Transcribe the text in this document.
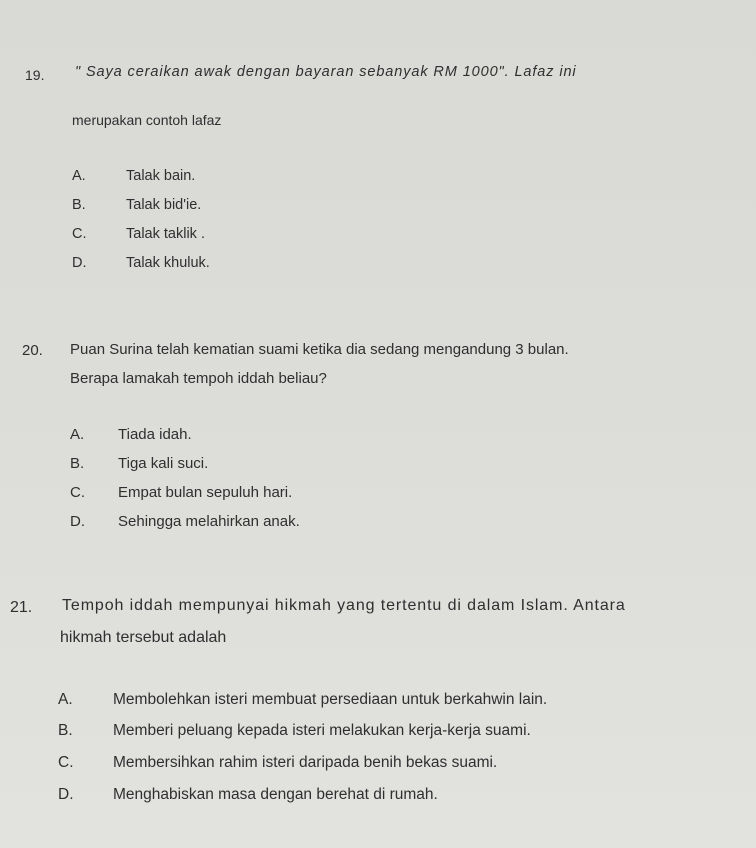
19. " Saya ceraikan awak dengan bayaran sebanyak RM 1000". Lafaz ini
merupakan contoh lafaz
A.	Talak bain.
B.	Talak bid'ie.
C.	Talak taklik .
D.	Talak khuluk.
20. Puan Surina telah kematian suami ketika dia sedang mengandung 3 bulan.
Berapa lamakah tempoh iddah beliau?
A. Tiada idah.
B. Tiga kali suci.
C. Empat bulan sepuluh hari.
D. Sehingga melahirkan anak.
21. Tempoh iddah mempunyai hikmah yang tertentu di dalam Islam. Antara
hikmah tersebut adalah
A.	Membolehkan isteri membuat persediaan untuk berkahwin lain.
B.	Memberi peluang kepada isteri melakukan kerja-kerja suami.
C.	Membersihkan rahim isteri daripada benih bekas suami.
D.	Menghabiskan masa dengan berehat di rumah.
